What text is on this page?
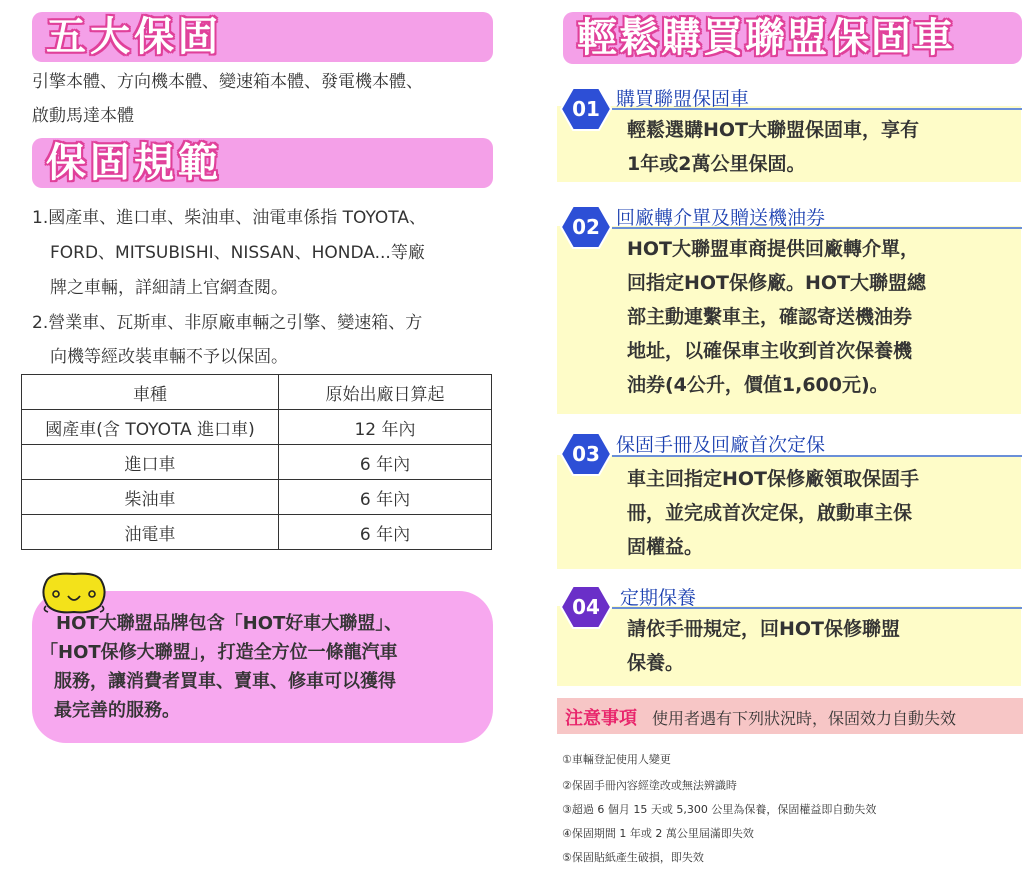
五大保固
引擎本體、方向機本體、變速箱本體、發電機本體、
啟動馬達本體
保固規範
1.國產車、進口車、柴油車、油電車係指 TOYOTA、
FORD、MITSUBISHI、NISSAN、HONDA...等廠
牌之車輛，詳細請上官網查閱。
2.營業車、瓦斯車、非原廠車輛之引擎、變速箱、方
向機等經改裝車輛不予以保固。
車種	原始出廠日算起
國產車(含 TOYOTA 進口車)	12 年內
進口車	6 年內
柴油車	6 年內
油電車	6 年內
HOT大聯盟品牌包含「HOT好車大聯盟」、
「HOT保修大聯盟」，打造全方位一條龍汽車
服務，讓消費者買車、賣車、修車可以獲得
最完善的服務。
輕鬆購買聯盟保固車
01 購買聯盟保固車
輕鬆選購HOT大聯盟保固車，享有
1年或2萬公里保固。
02 回廠轉介單及贈送機油券
HOT大聯盟車商提供回廠轉介單，
回指定HOT保修廠。HOT大聯盟總
部主動連繫車主，確認寄送機油券
地址，以確保車主收到首次保養機
油券(4公升，價值1,600元)。
03 保固手冊及回廠首次定保
車主回指定HOT保修廠領取保固手
冊，並完成首次定保，啟動車主保
固權益。
04	定期保養
請依手冊規定，回HOT保修聯盟
保養。
注意事項 使用者遇有下列狀況時，保固效力自動失效
①車輛登記使用人變更
②保固手冊內容經塗改或無法辨識時
③超過 6 個月 15 天或 5,300 公里為保養，保固權益即自動失效
④保固期間 1 年或 2 萬公里屆滿即失效
⑤保固貼紙產生破損，即失效
